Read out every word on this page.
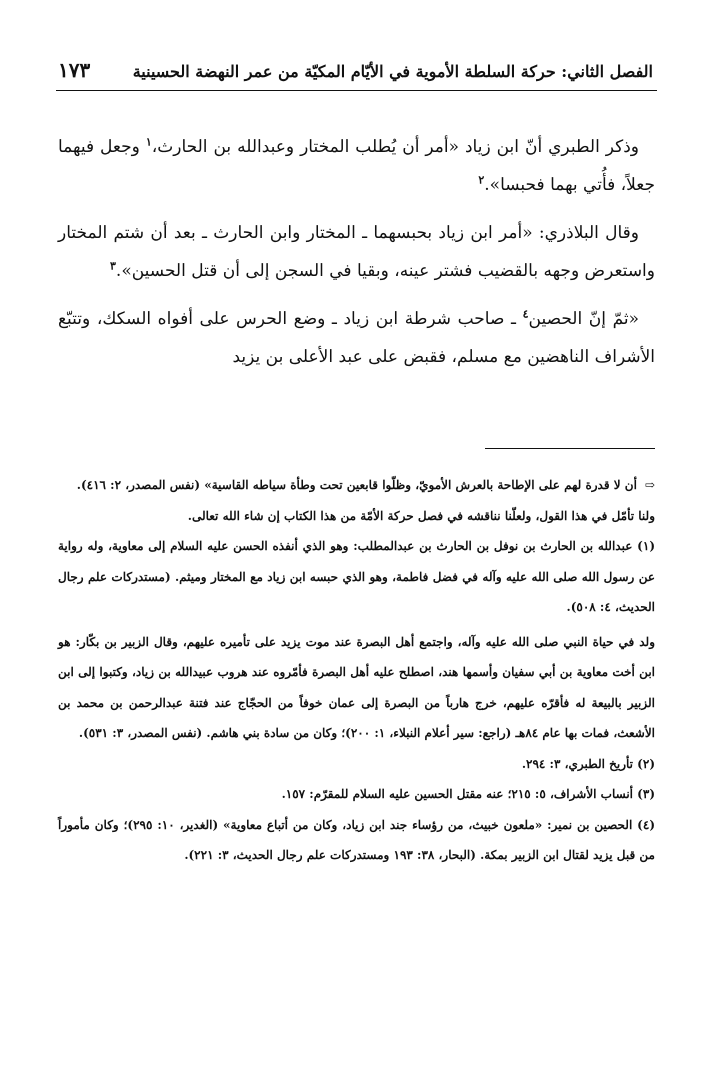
الفصل الثاني: حركة السلطة الأموية في الأيّام المكيّة من عمر النهضة الحسينية
١٧٣

وذكر الطبري أنّ ابن زياد «أمر أن يُطلب المختار وعبدالله بن الحارث،$^١$ وجعل فيهما جعلاً، فأُتي بهما فحبسا».$^٢$

وقال البلاذري: «أمر ابن زياد بحبسهما ـ المختار وابن الحارث ـ بعد أن شتم المختار واستعرض وجهه بالقضيب فشتر عينه، وبقيا في السجن إلى أن قتل الحسين».$^٣$

«ثمّ إنّ الحصين$^٤$ ـ صاحب شرطة ابن زياد ـ وضع الحرس على أفواه السكك، وتتبّع الأشراف الناهضين مع مسلم، فقبض على عبد الأعلى بن يزيد

⇨أن لا قدرة لهم على الإطاحة بالعرش الأمويّ، وظلّوا قابعين تحت وطأة سياطه القاسية» (نفس المصدر، ٢: ٤١٦).

ولنا تأمّل في هذا القول، ولعلّنا نناقشه في فصل حركة الأمّة من هذا الكتاب إن شاء الله تعالى.

(١) عبدالله بن الحارث بن نوفل بن الحارث بن عبدالمطلب: وهو الذي أنفذه الحسن عليه السلام إلى معاوية، وله رواية عن رسول الله صلى الله عليه وآله في فضل فاطمة، وهو الذي حبسه ابن زياد مع المختار وميثم. (مستدركات علم رجال الحديث، ٤: ٥٠٨).

ولد في حياة النبي صلى الله عليه وآله، واجتمع أهل البصرة عند موت يزيد على تأميره عليهم، وقال الزبير بن بكّار: هو ابن أخت معاوية بن أبي سفيان وأسمها هند، اصطلح عليه أهل البصرة فأمّروه عند هروب عبيدالله بن زياد، وكتبوا إلى ابن الزبير بالبيعة له فأقرّه عليهم، خرج هارباً من البصرة إلى عمان خوفاً من الحجّاج عند فتنة عبدالرحمن بن محمد بن الأشعث، فمات بها عام ٨٤هـ (راجع: سير أعلام النبلاء، ١: ٢٠٠)؛ وكان من سادة بني هاشم. (نفس المصدر، ٣: ٥٣١).

(٢) تأريخ الطبري، ٣: ٢٩٤.

(٣) أنساب الأشراف، ٥: ٢١٥؛ عنه مقتل الحسين عليه السلام للمقرّم: ١٥٧.

(٤) الحصين بن نمير: «ملعون خبيث، من رؤساء جند ابن زياد، وكان من أتباع معاوية» (الغدير، ١٠: ٢٩٥)؛ وكان مأموراً من قبل يزيد لقتال ابن الزبير بمكة. (البحار، ٣٨: ١٩٣ ومستدركات علم رجال الحديث، ٣: ٢٢١).
